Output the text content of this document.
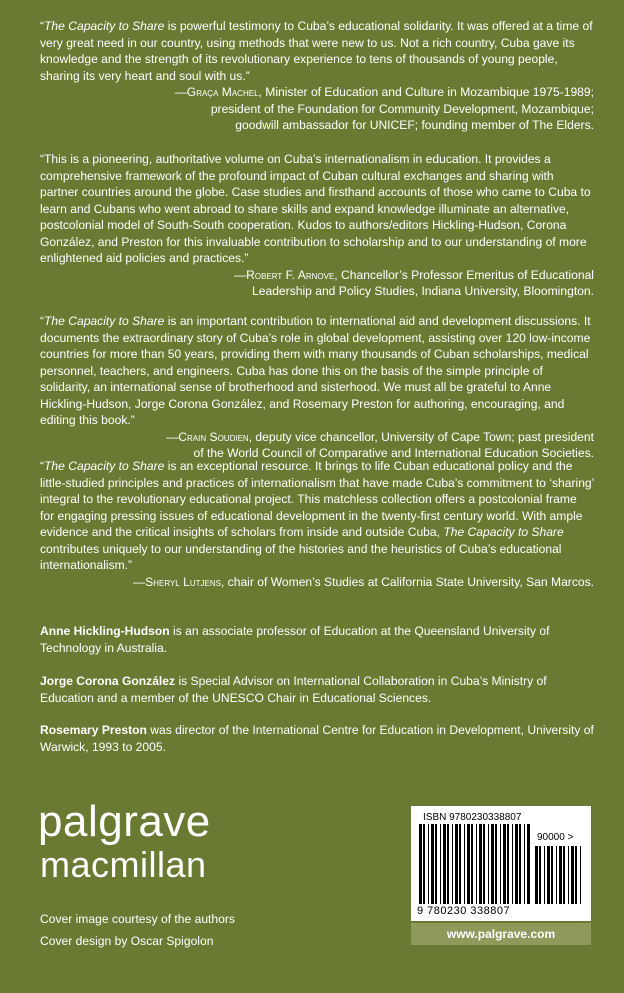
“The Capacity to Share is powerful testimony to Cuba’s educational solidarity. It was offered at a time of very great need in our country, using methods that were new to us. Not a rich country, Cuba gave its knowledge and the strength of its revolutionary experience to tens of thousands of young people, sharing its very heart and soul with us.”

—Graça Machel, Minister of Education and Culture in Mozambique 1975-1989;

president of the Foundation for Community Development, Mozambique;

goodwill ambassador for UNICEF; founding member of The Elders.

“This is a pioneering, authoritative volume on Cuba’s internationalism in education. It provides a comprehensive framework of the profound impact of Cuban cultural exchanges and sharing with partner countries around the globe. Case studies and firsthand accounts of those who came to Cuba to learn and Cubans who went abroad to share skills and expand knowledge illuminate an alternative, postcolonial model of South-South cooperation. Kudos to authors/editors Hickling-Hudson, Corona González, and Preston for this invaluable contribution to scholarship and to our understanding of more enlightened aid policies and practices.”

—Robert F. Arnove, Chancellor’s Professor Emeritus of Educational

Leadership and Policy Studies, Indiana University, Bloomington.

“The Capacity to Share is an important contribution to international aid and development discussions. It documents the extraordinary story of Cuba’s role in global development, assisting over 120 low-income countries for more than 50 years, providing them with many thousands of Cuban scholarships, medical personnel, teachers, and engineers. Cuba has done this on the basis of the simple principle of solidarity, an international sense of brotherhood and sisterhood. We must all be grateful to Anne Hickling-Hudson, Jorge Corona González, and Rosemary Preston for authoring, encouraging, and editing this book.”

—Crain Soudien, deputy vice chancellor, University of Cape Town; past president

of the World Council of Comparative and International Education Societies.

“The Capacity to Share is an exceptional resource. It brings to life Cuban educational policy and the little-studied principles and practices of internationalism that have made Cuba’s commitment to ‘sharing’ integral to the revolutionary educational project. This matchless collection offers a postcolonial frame for engaging pressing issues of educational development in the twenty-first century world. With ample evidence and the critical insights of scholars from inside and outside Cuba, The Capacity to Share contributes uniquely to our understanding of the histories and the heuristics of Cuba’s educational internationalism.”

—Sheryl Lutjens, chair of Women’s Studies at California State University, San Marcos.

Anne Hickling-Hudson is an associate professor of Education at the Queensland University of Technology in Australia.

Jorge Corona González is Special Advisor on International Collaboration in Cuba’s Ministry of Education and a member of the UNESCO Chair in Educational Sciences.

Rosemary Preston was director of the International Centre for Education in Development, University of Warwick, 1993 to 2005.

palgrave
macmillan
Cover image courtesy of the authors
Cover design by Oscar Spigolon
ISBN 9780230338807
90000 >
9 780230 338807
www.palgrave.com
